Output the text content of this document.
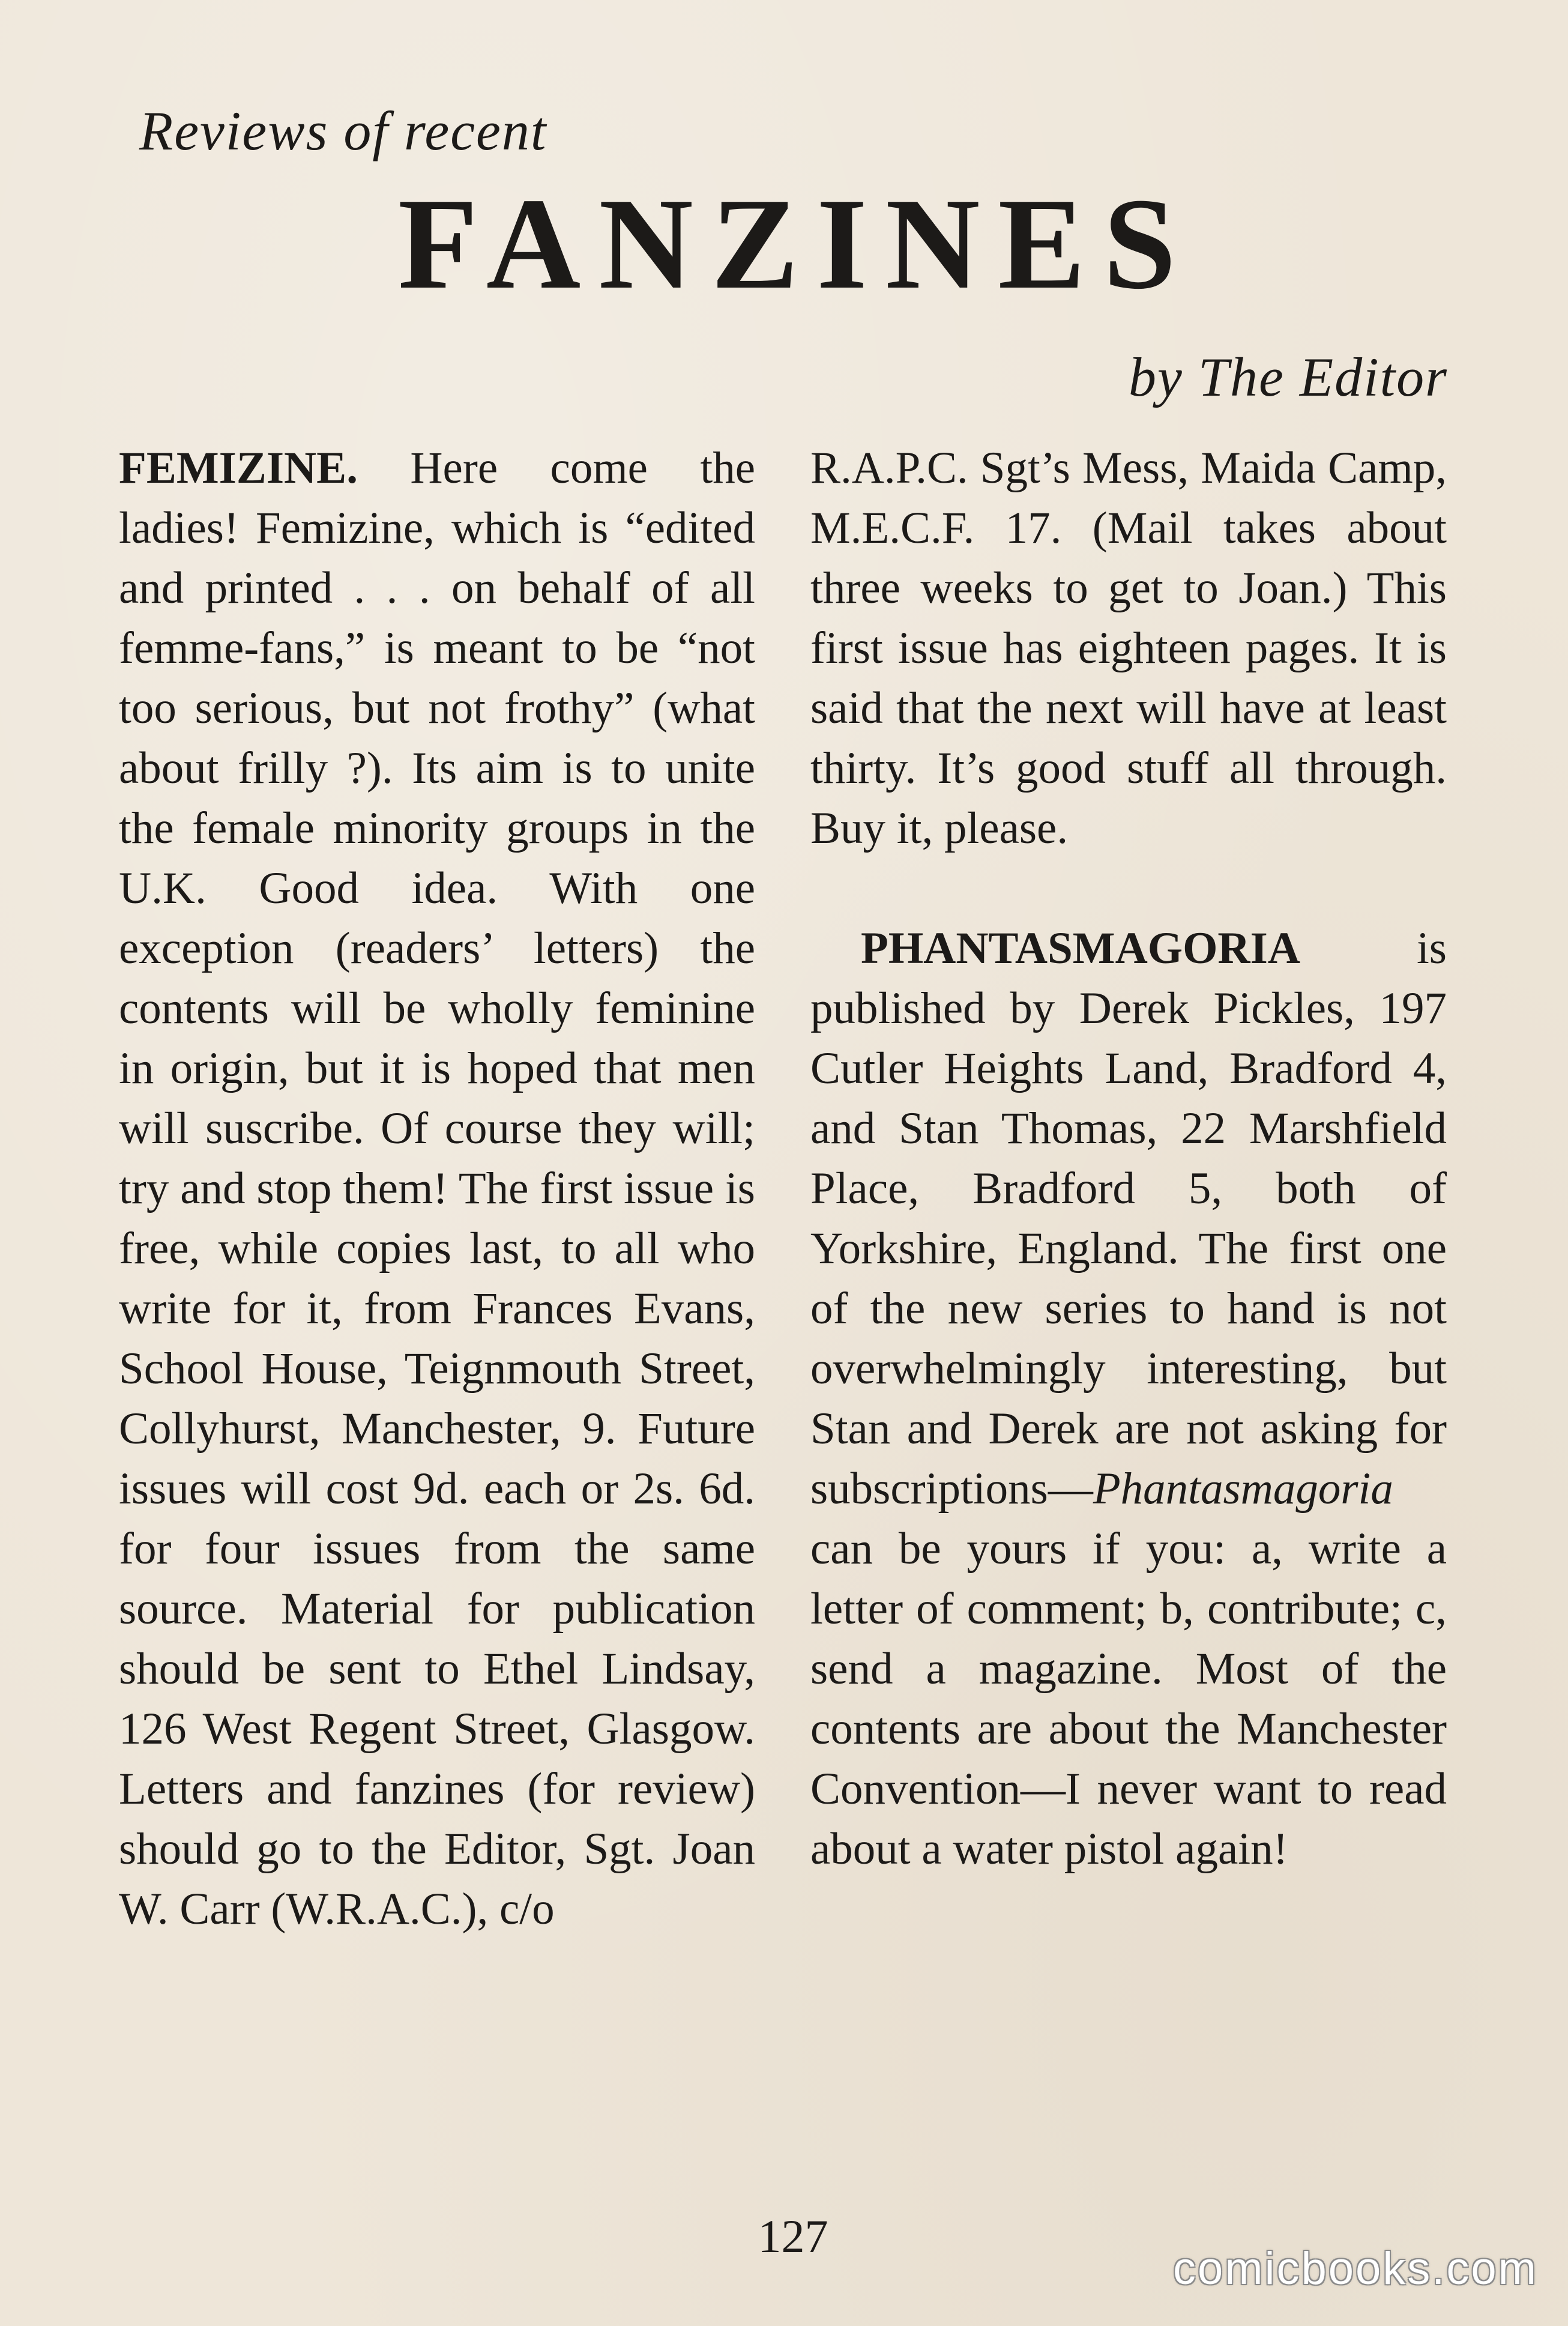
Reviews of recent
FANZINES
by The Editor

FEMIZINE. Here come the ladies! Femizine, which is “edited and printed . . . on behalf of all femme-fans,” is meant to be “not too serious, but not frothy” (what about frilly ?). Its aim is to unite the female minority groups in the U.K. Good idea. With one exception (readers’ letters) the contents will be wholly feminine in origin, but it is hoped that men will suscribe. Of course they will; try and stop them! The first issue is free, while copies last, to all who write for it, from Frances Evans, School House, Teignmouth Street, Collyhurst, Manchester, 9. Future issues will cost 9d. each or 2s. 6d. for four issues from the same source. Material for publication should be sent to Ethel Lindsay, 126 West Regent Street, Glasgow. Letters and fanzines (for review) should go to the Editor, Sgt. Joan W. Carr (W.R.A.C.), c/o

R.A.P.C. Sgt’s Mess, Maida Camp, M.E.C.F. 17. (Mail takes about three weeks to get to Joan.) This first issue has eighteen pages. It is said that the next will have at least thirty. It’s good stuff all through. Buy it, please.

PHANTASMAGORIA	is published by Derek Pickles, 197 Cutler Heights Land, Bradford 4, and Stan Thomas, 22 Marshfield Place, Bradford 5, both of Yorkshire, England. The first one of the new series to hand is not overwhelmingly interesting, but Stan and Derek are not asking for subscriptions—Phantasmagoria can be yours if you: a, write a letter of comment; b, contribute; c, send a magazine. Most of the contents are about the Manchester Convention—I never want to read about a water pistol again!

127
comicbooks.com
